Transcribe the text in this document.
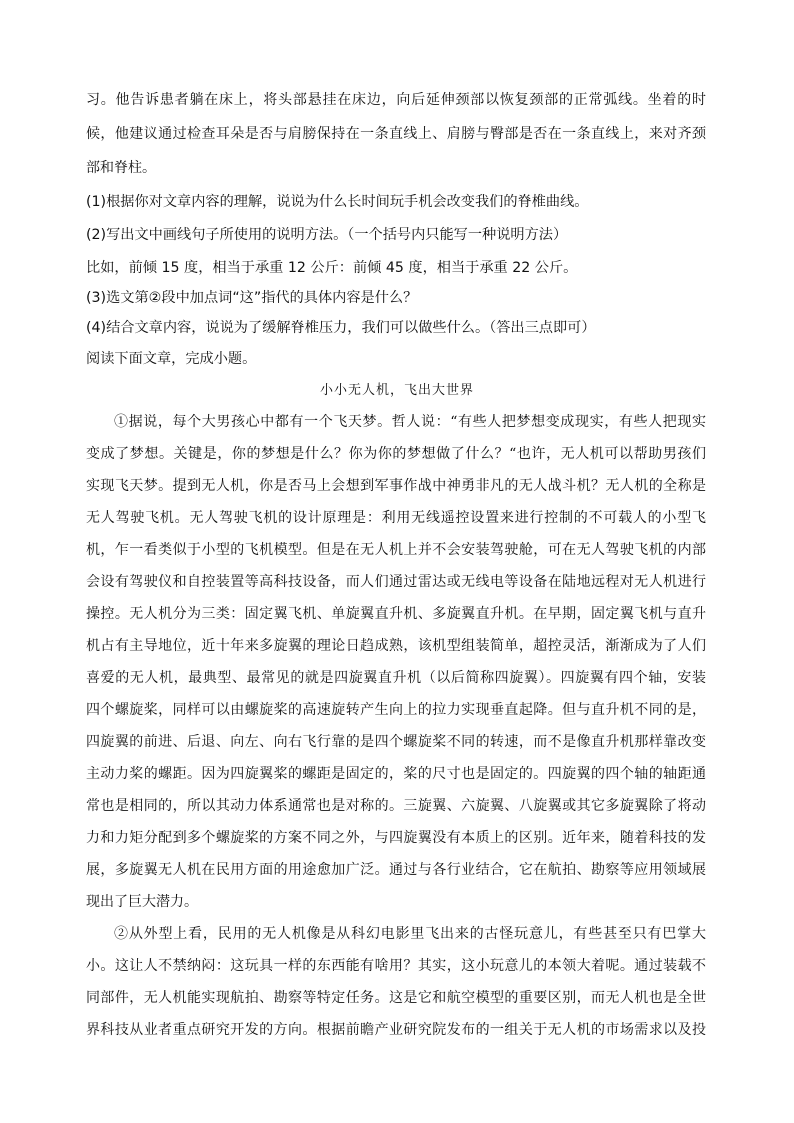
习。他告诉患者躺在床上，将头部悬挂在床边，向后延伸颈部以恢复颈部的正常弧线。坐着的时
候，他建议通过检查耳朵是否与肩膀保持在一条直线上、肩膀与臀部是否在一条直线上，来对齐颈
部和脊柱。
(1)根据你对文章内容的理解，说说为什么长时间玩手机会改变我们的脊椎曲线。
(2)写出文中画线句子所使用的说明方法。（一个括号内只能写一种说明方法）
比如，前倾 15 度，相当于承重 12 公斤：前倾 45 度，相当于承重 22 公斤。
(3)选文第②段中加点词“这”指代的具体内容是什么？
(4)结合文章内容，说说为了缓解脊椎压力，我们可以做些什么。（答出三点即可）
阅读下面文章，完成小题。
小小无人机，飞出大世界
①据说，每个大男孩心中都有一个飞天梦。哲人说：“有些人把梦想变成现实，有些人把现实
变成了梦想。关键是，你的梦想是什么？你为你的梦想做了什么？“也许，无人机可以帮助男孩们
实现飞天梦。提到无人机，你是否马上会想到军事作战中神勇非凡的无人战斗机？无人机的全称是
无人驾驶飞机。无人驾驶飞机的设计原理是：利用无线遥控设置来进行控制的不可载人的小型飞
机，乍一看类似于小型的飞机模型。但是在无人机上并不会安装驾驶舱，可在无人驾驶飞机的内部
会设有驾驶仪和自控装置等高科技设备，而人们通过雷达或无线电等设备在陆地远程对无人机进行
操控。无人机分为三类：固定翼飞机、单旋翼直升机、多旋翼直升机。在早期，固定翼飞机与直升
机占有主导地位，近十年来多旋翼的理论日趋成熟，该机型组装简单，超控灵活，渐渐成为了人们
喜爱的无人机，最典型、最常见的就是四旋翼直升机（以后简称四旋翼）。四旋翼有四个轴，安装
四个螺旋桨，同样可以由螺旋桨的高速旋转产生向上的拉力实现垂直起降。但与直升机不同的是，
四旋翼的前进、后退、向左、向右飞行靠的是四个螺旋桨不同的转速，而不是像直升机那样靠改变
主动力桨的螺距。因为四旋翼桨的螺距是固定的，桨的尺寸也是固定的。四旋翼的四个轴的轴距通
常也是相同的，所以其动力体系通常也是对称的。三旋翼、六旋翼、八旋翼或其它多旋翼除了将动
力和力矩分配到多个螺旋桨的方案不同之外，与四旋翼没有本质上的区别。近年来，随着科技的发
展，多旋翼无人机在民用方面的用途愈加广泛。通过与各行业结合，它在航拍、勘察等应用领域展
现出了巨大潜力。
②从外型上看，民用的无人机像是从科幻电影里飞出来的古怪玩意儿，有些甚至只有巴掌大
小。这让人不禁纳闷：这玩具一样的东西能有啥用？其实，这小玩意儿的本领大着呢。通过装载不
同部件，无人机能实现航拍、勘察等特定任务。这是它和航空模型的重要区别，而无人机也是全世
界科技从业者重点研究开发的方向。根据前瞻产业研究院发布的一组关于无人机的市场需求以及投
